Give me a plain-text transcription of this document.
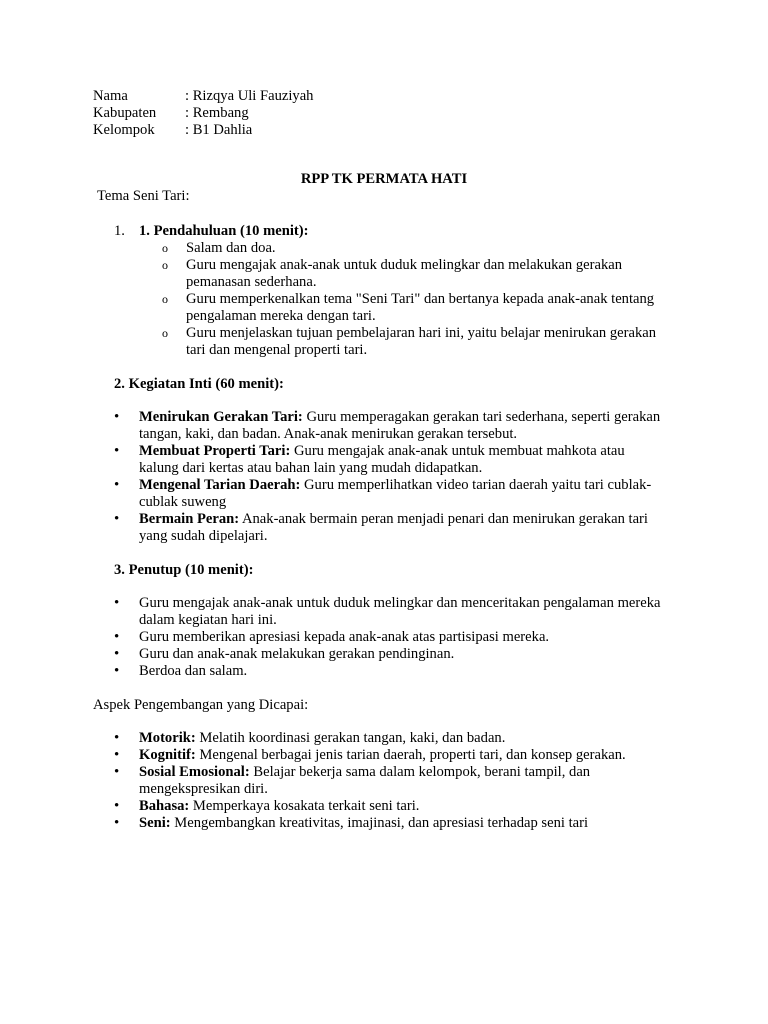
Nama	: Rizqya Uli Fauziyah
Kabupaten : Rembang
Kelompok : B1 Dahlia
RPP TK PERMATA HATI
Tema Seni Tari:
1. 1. Pendahuluan (10 menit):
o Salam dan doa.
o Guru mengajak anak-anak untuk duduk melingkar dan melakukan gerakan pemanasan sederhana.
o Guru memperkenalkan tema "Seni Tari" dan bertanya kepada anak-anak tentang pengalaman mereka dengan tari.
o Guru menjelaskan tujuan pembelajaran hari ini, yaitu belajar menirukan gerakan tari dan mengenal properti tari.
2. Kegiatan Inti (60 menit):
• Menirukan Gerakan Tari: Guru memperagakan gerakan tari sederhana, seperti gerakan tangan, kaki, dan badan. Anak-anak menirukan gerakan tersebut.
• Membuat Properti Tari: Guru mengajak anak-anak untuk membuat mahkota atau kalung dari kertas atau bahan lain yang mudah didapatkan.
• Mengenal Tarian Daerah: Guru memperlihatkan video tarian daerah yaitu tari cublak-cublak suweng
• Bermain Peran: Anak-anak bermain peran menjadi penari dan menirukan gerakan tari yang sudah dipelajari.
3. Penutup (10 menit):
• Guru mengajak anak-anak untuk duduk melingkar dan menceritakan pengalaman mereka dalam kegiatan hari ini.
• Guru memberikan apresiasi kepada anak-anak atas partisipasi mereka.
• Guru dan anak-anak melakukan gerakan pendinginan.
• Berdoa dan salam.
Aspek Pengembangan yang Dicapai:
• Motorik: Melatih koordinasi gerakan tangan, kaki, dan badan.
• Kognitif: Mengenal berbagai jenis tarian daerah, properti tari, dan konsep gerakan.
• Sosial Emosional: Belajar bekerja sama dalam kelompok, berani tampil, dan mengekspresikan diri.
• Bahasa: Memperkaya kosakata terkait seni tari.
• Seni: Mengembangkan kreativitas, imajinasi, dan apresiasi terhadap seni tari
